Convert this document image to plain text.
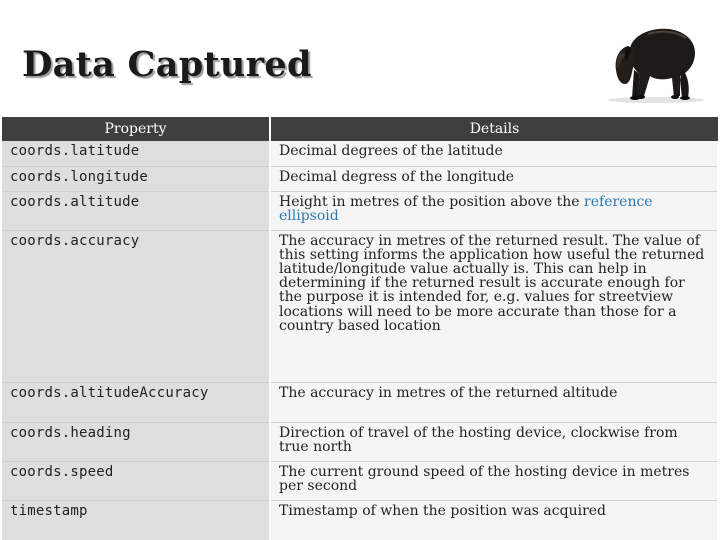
Data Captured
Property	Details
coords.latitude	Decimal degrees of the latitude
coords.longitude	Decimal degress of the longitude
coords.altitude	Height in metres of the position above the reference ellipsoid
coords.accuracy	The accuracy in metres of the returned result. The value of this setting informs the application how useful the returned latitude/longitude value actually is. This can help in determining if the returned result is accurate enough for the purpose it is intended for, e.g. values for streetview locations will need to be more accurate than those for a country based location
coords.altitudeAccuracy	The accuracy in metres of the returned altitude
coords.heading	Direction of travel of the hosting device, clockwise from true north
coords.speed	The current ground speed of the hosting device in metres per second
timestamp	Timestamp of when the position was acquired
